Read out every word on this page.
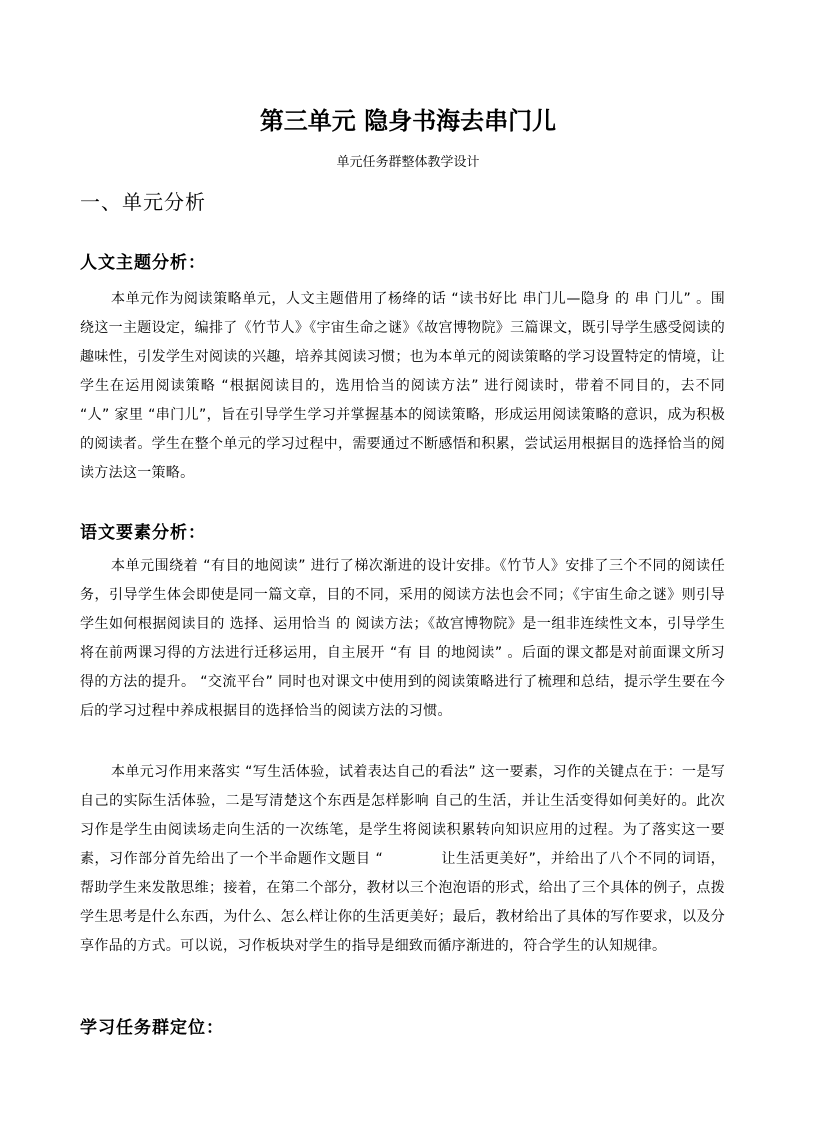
第三单元 隐身书海去串门儿
单元任务群整体教学设计
一、单元分析
人文主题分析：
本单元作为阅读策略单元，人文主题借用了杨绛的话 “读书好比 串门儿—隐身 的 串 门儿” 。围绕这一主题设定，编排了《竹节人》《宇宙生命之谜》《故宫博物院》三篇课文，既引导学生感受阅读的趣味性，引发学生对阅读的兴趣，培养其阅读习惯；也为本单元的阅读策略的学习设置特定的情境，让学生在运用阅读策略 “根据阅读目的，选用恰当的阅读方法” 进行阅读时，带着不同目的，去不同 “人” 家里 “串门儿”，旨在引导学生学习并掌握基本的阅读策略，形成运用阅读策略的意识，成为积极的阅读者。学生在整个单元的学习过程中，需要通过不断感悟和积累，尝试运用根据目的选择恰当的阅读方法这一策略。
语文要素分析：
本单元围绕着 “有目的地阅读” 进行了梯次渐进的设计安排。《竹节人》安排了三个不同的阅读任务，引导学生体会即使是同一篇文章，目的不同，采用的阅读方法也会不同；《宇宙生命之谜》则引导学生如何根据阅读目的 选择、运用恰当 的 阅读方法；《故宫博物院》是一组非连续性文本，引导学生将在前两课习得的方法进行迁移运用，自主展开 “有 目 的地阅读” 。后面的课文都是对前面课文所习得的方法的提升。 “交流平台” 同时也对课文中使用到的阅读策略进行了梳理和总结，提示学生要在今后的学习过程中养成根据目的选择恰当的阅读方法的习惯。
本单元习作用来落实 “写生活体验，试着表达自己的看法” 这一要素，习作的关键点在于：一是写自己的实际生活体验，二是写清楚这个东西是怎样影响 自己的生活，并让生活变得如何美好的。此次习作是学生由阅读场走向生活的一次练笔，是学生将阅读积累转向知识应用的过程。为了落实这一要素，习作部分首先给出了一个半命题作文题目 “　　　　让生活更美好”，并给出了八个不同的词语，帮助学生来发散思维；接着，在第二个部分，教材以三个泡泡语的形式，给出了三个具体的例子，点拨学生思考是什么东西，为什么、怎么样让你的生活更美好；最后，教材给出了具体的写作要求，以及分享作品的方式。可以说，习作板块对学生的指导是细致而循序渐进的，符合学生的认知规律。
学习任务群定位：
